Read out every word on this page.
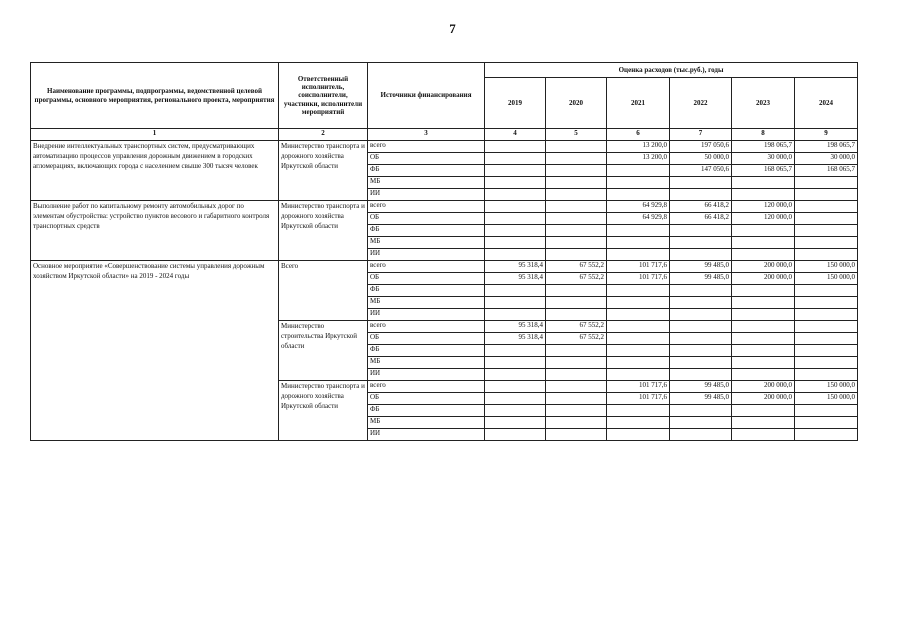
7
Наименование программы, подпрограммы, ведомственной целевой программы, основного мероприятия, регионального проекта, мероприятия	Ответственный исполнитель, соисполнители, участники, исполнители мероприятий	Источники финансирования	Оценка расходов (тыс.руб.), годы					
			2019	2020	2021	2022	2023	2024
1	2	3	4	5	6	7	8	9
Внедрение интеллектуальных транспортных систем, предусматривающих автоматизацию процессов управления дорожным движением в городских агломерациях, включающих города с населением свыше 300 тысяч человек	Министерство транспорта и дорожного хозяйства Иркутской области	всего			13 200,0	197 050,6	198 065,7	198 065,7
		ОБ			13 200,0	50 000,0	30 000,0	30 000,0
		ФБ				147 050,6	168 065,7	168 065,7
		МБ						
		ИИ						
Выполнение работ по капитальному ремонту автомобильных дорог по элементам обустройства: устройство пунктов весового и габаритного контроля транспортных средств	Министерство транспорта и дорожного хозяйства Иркутской области	всего			64 929,8	66 418,2	120 000,0	
		ОБ			64 929,8	66 418,2	120 000,0	
		ФБ						
		МБ						
		ИИ						
Основное мероприятие «Совершенствование системы управления дорожным хозяйством Иркутской области» на 2019 - 2024 годы	Всего	всего	95 318,4	67 552,2	101 717,6	99 485,0	200 000,0	150 000,0
		ОБ	95 318,4	67 552,2	101 717,6	99 485,0	200 000,0	150 000,0
		ФБ						
		МБ						
		ИИ						
	Министерство строительства Иркутской области	всего	95 318,4	67 552,2				
		ОБ	95 318,4	67 552,2				
		ФБ						
		МБ						
		ИИ						
	Министерство транспорта и дорожного хозяйства Иркутской области	всего			101 717,6	99 485,0	200 000,0	150 000,0
		ОБ			101 717,6	99 485,0	200 000,0	150 000,0
		ФБ						
		МБ						
		ИИ						
